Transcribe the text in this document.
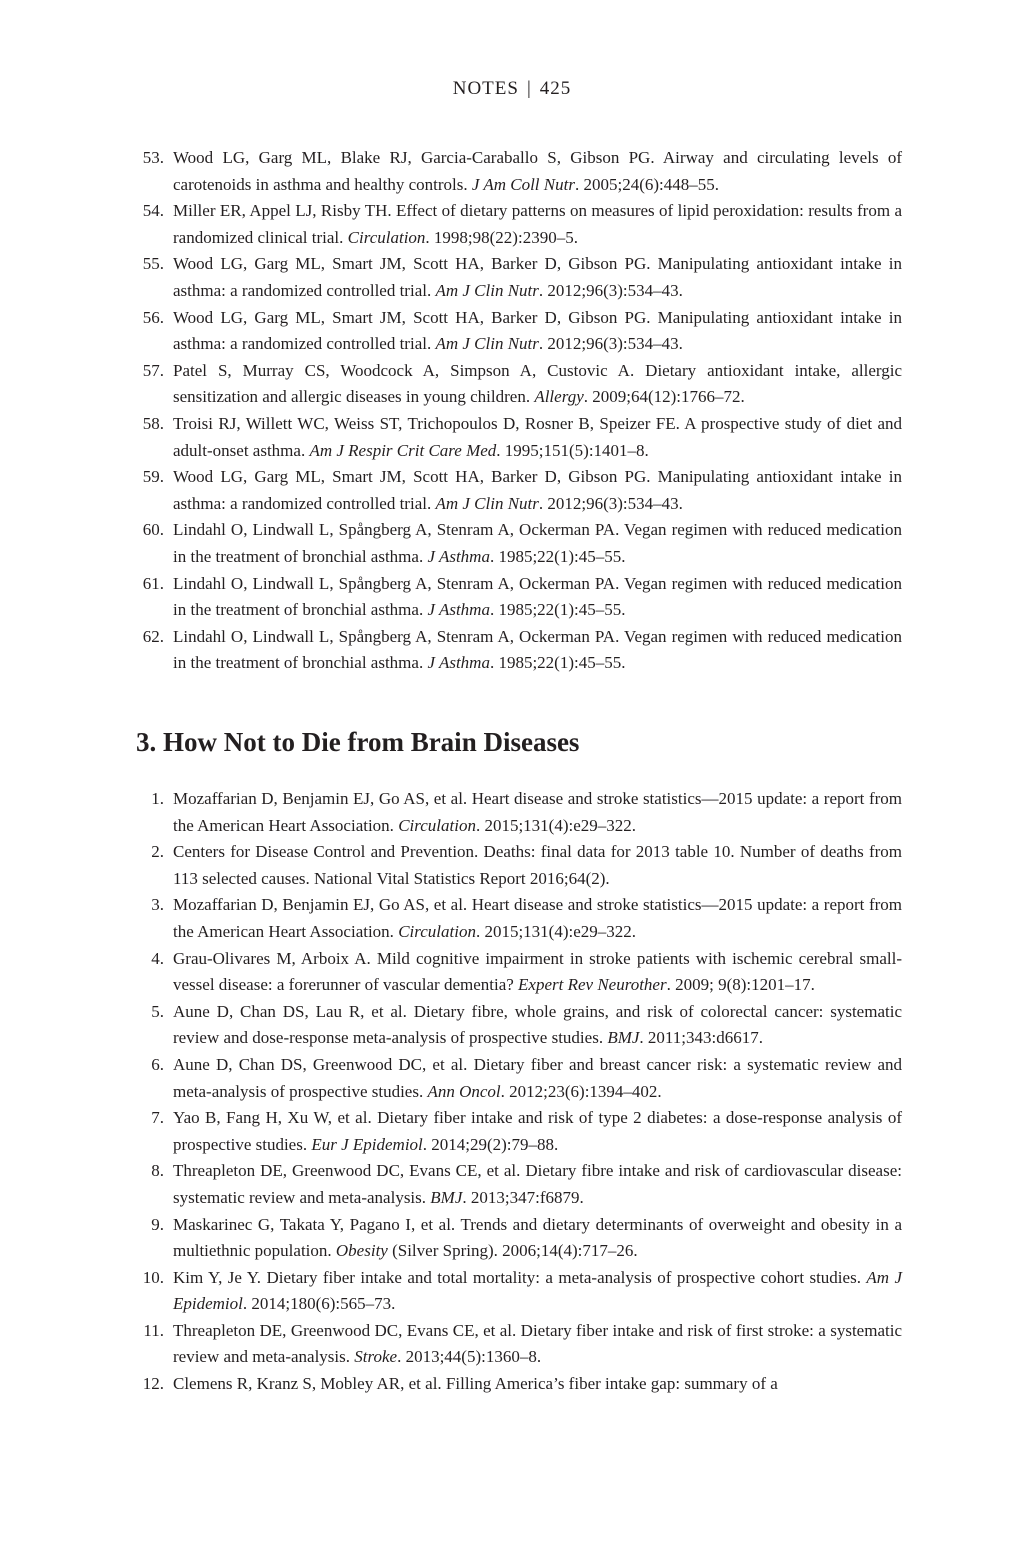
NOTES | 425
53. Wood LG, Garg ML, Blake RJ, Garcia-Caraballo S, Gibson PG. Airway and circulating levels of carotenoids in asthma and healthy controls. J Am Coll Nutr. 2005;24(6):448–55.
54. Miller ER, Appel LJ, Risby TH. Effect of dietary patterns on measures of lipid peroxidation: results from a randomized clinical trial. Circulation. 1998;98(22):2390–5.
55. Wood LG, Garg ML, Smart JM, Scott HA, Barker D, Gibson PG. Manipulating antioxidant intake in asthma: a randomized controlled trial. Am J Clin Nutr. 2012;96(3):534–43.
56. Wood LG, Garg ML, Smart JM, Scott HA, Barker D, Gibson PG. Manipulating antioxidant intake in asthma: a randomized controlled trial. Am J Clin Nutr. 2012;96(3):534–43.
57. Patel S, Murray CS, Woodcock A, Simpson A, Custovic A. Dietary antioxidant intake, allergic sensitization and allergic diseases in young children. Allergy. 2009;64(12):1766–72.
58. Troisi RJ, Willett WC, Weiss ST, Trichopoulos D, Rosner B, Speizer FE. A prospective study of diet and adult-onset asthma. Am J Respir Crit Care Med. 1995;151(5):1401–8.
59. Wood LG, Garg ML, Smart JM, Scott HA, Barker D, Gibson PG. Manipulating antioxidant intake in asthma: a randomized controlled trial. Am J Clin Nutr. 2012;96(3):534–43.
60. Lindahl O, Lindwall L, Spångberg A, Stenram A, Ockerman PA. Vegan regimen with reduced medication in the treatment of bronchial asthma. J Asthma. 1985;22(1):45–55.
61. Lindahl O, Lindwall L, Spångberg A, Stenram A, Ockerman PA. Vegan regimen with reduced medication in the treatment of bronchial asthma. J Asthma. 1985;22(1):45–55.
62. Lindahl O, Lindwall L, Spångberg A, Stenram A, Ockerman PA. Vegan regimen with reduced medication in the treatment of bronchial asthma. J Asthma. 1985;22(1):45–55.
3. How Not to Die from Brain Diseases
1. Mozaffarian D, Benjamin EJ, Go AS, et al. Heart disease and stroke statistics—2015 update: a report from the American Heart Association. Circulation. 2015;131(4):e29–322.
2. Centers for Disease Control and Prevention. Deaths: final data for 2013 table 10. Number of deaths from 113 selected causes. National Vital Statistics Report 2016;64(2).
3. Mozaffarian D, Benjamin EJ, Go AS, et al. Heart disease and stroke statistics—2015 update: a report from the American Heart Association. Circulation. 2015;131(4):e29–322.
4. Grau-Olivares M, Arboix A. Mild cognitive impairment in stroke patients with ischemic cerebral small-vessel disease: a forerunner of vascular dementia? Expert Rev Neurother. 2009; 9(8):1201–17.
5. Aune D, Chan DS, Lau R, et al. Dietary fibre, whole grains, and risk of colorectal cancer: systematic review and dose-response meta-analysis of prospective studies. BMJ. 2011;343:d6617.
6. Aune D, Chan DS, Greenwood DC, et al. Dietary fiber and breast cancer risk: a systematic review and meta-analysis of prospective studies. Ann Oncol. 2012;23(6):1394–402.
7. Yao B, Fang H, Xu W, et al. Dietary fiber intake and risk of type 2 diabetes: a dose-response analysis of prospective studies. Eur J Epidemiol. 2014;29(2):79–88.
8. Threapleton DE, Greenwood DC, Evans CE, et al. Dietary fibre intake and risk of cardiovascular disease: systematic review and meta-analysis. BMJ. 2013;347:f6879.
9. Maskarinec G, Takata Y, Pagano I, et al. Trends and dietary determinants of overweight and obesity in a multiethnic population. Obesity (Silver Spring). 2006;14(4):717–26.
10. Kim Y, Je Y. Dietary fiber intake and total mortality: a meta-analysis of prospective cohort studies. Am J Epidemiol. 2014;180(6):565–73.
11. Threapleton DE, Greenwood DC, Evans CE, et al. Dietary fiber intake and risk of first stroke: a systematic review and meta-analysis. Stroke. 2013;44(5):1360–8.
12. Clemens R, Kranz S, Mobley AR, et al. Filling America’s fiber intake gap: summary of a
